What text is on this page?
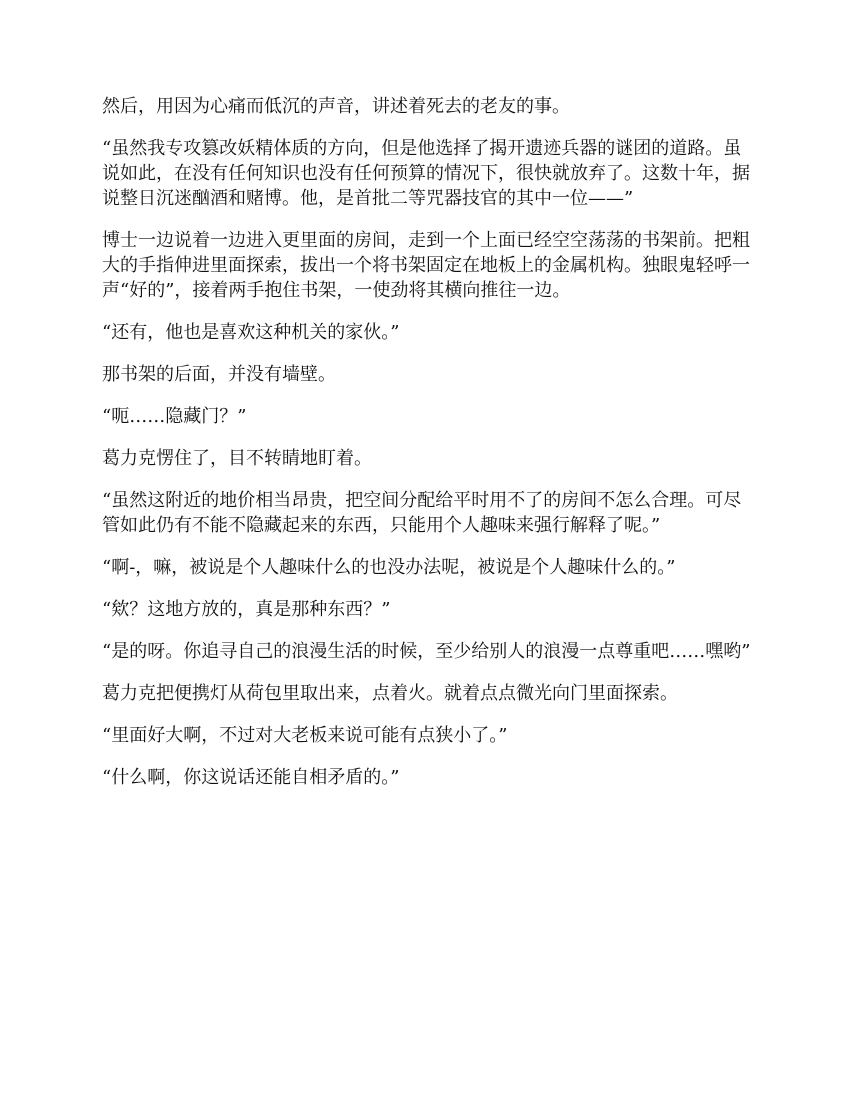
然后，用因为心痛而低沉的声音，讲述着死去的老友的事。

“虽然我专攻篡改妖精体质的方向，但是他选择了揭开遗迹兵器的谜团的道路。虽说如此，在没有任何知识也没有任何预算的情况下，很快就放弃了。这数十年，据说整日沉迷酗酒和赌博。他，是首批二等咒器技官的其中一位——”

博士一边说着一边进入更里面的房间，走到一个上面已经空空荡荡的书架前。把粗大的手指伸进里面探索，拔出一个将书架固定在地板上的金属机构。独眼鬼轻呼一声“好的”，接着两手抱住书架，一使劲将其横向推往一边。

“还有，他也是喜欢这种机关的家伙。”

那书架的后面，并没有墙壁。

“呃……隐藏门？”

葛力克愣住了，目不转睛地盯着。

“虽然这附近的地价相当昂贵，把空间分配给平时用不了的房间不怎么合理。可尽管如此仍有不能不隐藏起来的东西，只能用个人趣味来强行解释了呢。”

“啊-，嘛，被说是个人趣味什么的也没办法呢，被说是个人趣味什么的。”

“欸？这地方放的，真是那种东西？”

“是的呀。你追寻自己的浪漫生活的时候，至少给别人的浪漫一点尊重吧……嘿哟”

葛力克把便携灯从荷包里取出来，点着火。就着点点微光向门里面探索。

“里面好大啊，不过对大老板来说可能有点狭小了。”

“什么啊，你这说话还能自相矛盾的。”
